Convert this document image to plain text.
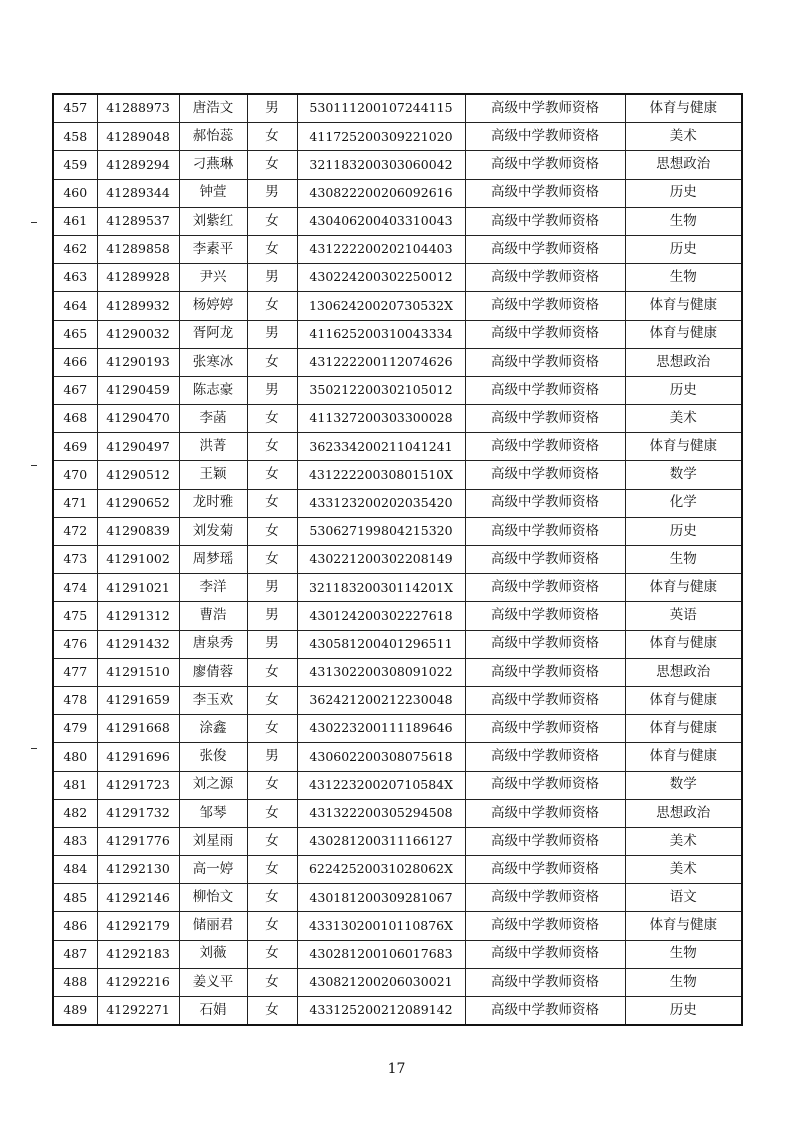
457	41288973	唐浩文	男	530111200107244115	高级中学教师资格	体育与健康
458	41289048	郝怡蕊	女	411725200309221020	高级中学教师资格	美术
459	41289294	刁燕琳	女	321183200303060042	高级中学教师资格	思想政治
460	41289344	钟萱	男	430822200206092616	高级中学教师资格	历史
461	41289537	刘紫红	女	430406200403310043	高级中学教师资格	生物
462	41289858	李素平	女	431222200202104403	高级中学教师资格	历史
463	41289928	尹兴	男	430224200302250012	高级中学教师资格	生物
464	41289932	杨婷婷	女	13062420020730532X	高级中学教师资格	体育与健康
465	41290032	胥阿龙	男	411625200310043334	高级中学教师资格	体育与健康
466	41290193	张寒冰	女	431222200112074626	高级中学教师资格	思想政治
467	41290459	陈志豪	男	350212200302105012	高级中学教师资格	历史
468	41290470	李菡	女	411327200303300028	高级中学教师资格	美术
469	41290497	洪菁	女	362334200211041241	高级中学教师资格	体育与健康
470	41290512	王颖	女	43122220030801510X	高级中学教师资格	数学
471	41290652	龙时雅	女	433123200202035420	高级中学教师资格	化学
472	41290839	刘发菊	女	530627199804215320	高级中学教师资格	历史
473	41291002	周梦瑶	女	430221200302208149	高级中学教师资格	生物
474	41291021	李洋	男	32118320030114201X	高级中学教师资格	体育与健康
475	41291312	曹浩	男	430124200302227618	高级中学教师资格	英语
476	41291432	唐泉秀	男	430581200401296511	高级中学教师资格	体育与健康
477	41291510	廖倩蓉	女	431302200308091022	高级中学教师资格	思想政治
478	41291659	李玉欢	女	362421200212230048	高级中学教师资格	体育与健康
479	41291668	涂鑫	女	430223200111189646	高级中学教师资格	体育与健康
480	41291696	张俊	男	430602200308075618	高级中学教师资格	体育与健康
481	41291723	刘之源	女	43122320020710584X	高级中学教师资格	数学
482	41291732	邹琴	女	431322200305294508	高级中学教师资格	思想政治
483	41291776	刘星雨	女	430281200311166127	高级中学教师资格	美术
484	41292130	高一婷	女	62242520031028062X	高级中学教师资格	美术
485	41292146	柳怡文	女	430181200309281067	高级中学教师资格	语文
486	41292179	储丽君	女	43313020010110876X	高级中学教师资格	体育与健康
487	41292183	刘薇	女	430281200106017683	高级中学教师资格	生物
488	41292216	姜义平	女	430821200206030021	高级中学教师资格	生物
489	41292271	石娟	女	433125200212089142	高级中学教师资格	历史
17
